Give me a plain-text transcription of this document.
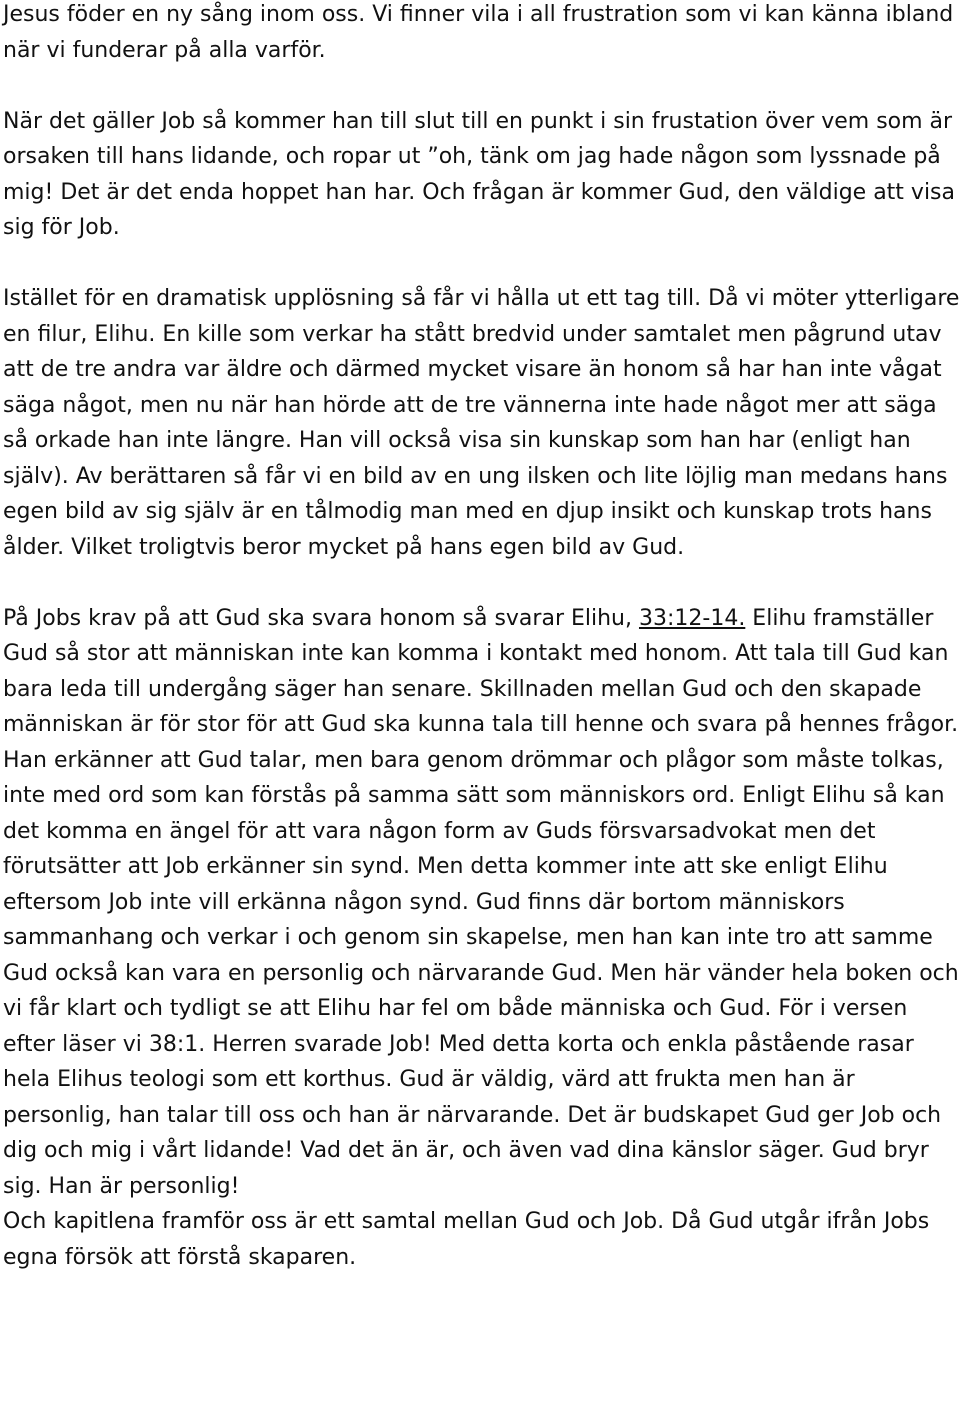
Jesus föder en ny sång inom oss. Vi finner vila i all frustration som vi kan känna ibland när vi funderar på alla varför.

När det gäller Job så kommer han till slut till en punkt i sin frustation över vem som är orsaken till hans lidande, och ropar ut ”oh, tänk om jag hade någon som lyssnade på mig! Det är det enda hoppet han har. Och frågan är kommer Gud, den väldige att visa sig för Job.

Istället för en dramatisk upplösning så får vi hålla ut ett tag till. Då vi möter ytterligare en filur, Elihu. En kille som verkar ha stått bredvid under samtalet men pågrund utav att de tre andra var äldre och därmed mycket visare än honom så har han inte vågat säga något, men nu när han hörde att de tre vännerna inte hade något mer att säga så orkade han inte längre. Han vill också visa sin kunskap som han har (enligt han själv). Av berättaren så får vi en bild av en ung ilsken och lite löjlig man medans hans egen bild av sig själv är en tålmodig man med en djup insikt och kunskap trots hans ålder. Vilket troligtvis beror mycket på hans egen bild av Gud.

På Jobs krav på att Gud ska svara honom så svarar Elihu, 33:12-14. Elihu framställer Gud så stor att människan inte kan komma i kontakt med honom. Att tala till Gud kan bara leda till undergång säger han senare. Skillnaden mellan Gud och den skapade människan är för stor för att Gud ska kunna tala till henne och svara på hennes frågor. Han erkänner att Gud talar, men bara genom drömmar och plågor som måste tolkas, inte med ord som kan förstås på samma sätt som människors ord. Enligt Elihu så kan det komma en ängel för att vara någon form av Guds försvarsadvokat men det förutsätter att Job erkänner sin synd. Men detta kommer inte att ske enligt Elihu eftersom Job inte vill erkänna någon synd. Gud finns där bortom människors sammanhang och verkar i och genom sin skapelse, men han kan inte tro att samme Gud också kan vara en personlig och närvarande Gud. Men här vänder hela boken och vi får klart och tydligt se att Elihu har fel om både människa och Gud. För i versen efter läser vi 38:1. Herren svarade Job! Med detta korta och enkla påstående rasar hela Elihus teologi som ett korthus. Gud är väldig, värd att frukta men han är personlig, han talar till oss och han är närvarande. Det är budskapet Gud ger Job och dig och mig i vårt lidande! Vad det än är, och även vad dina känslor säger. Gud bryr sig. Han är personlig!

Och kapitlena framför oss är ett samtal mellan Gud och Job. Då Gud utgår ifrån Jobs egna försök att förstå skaparen.
